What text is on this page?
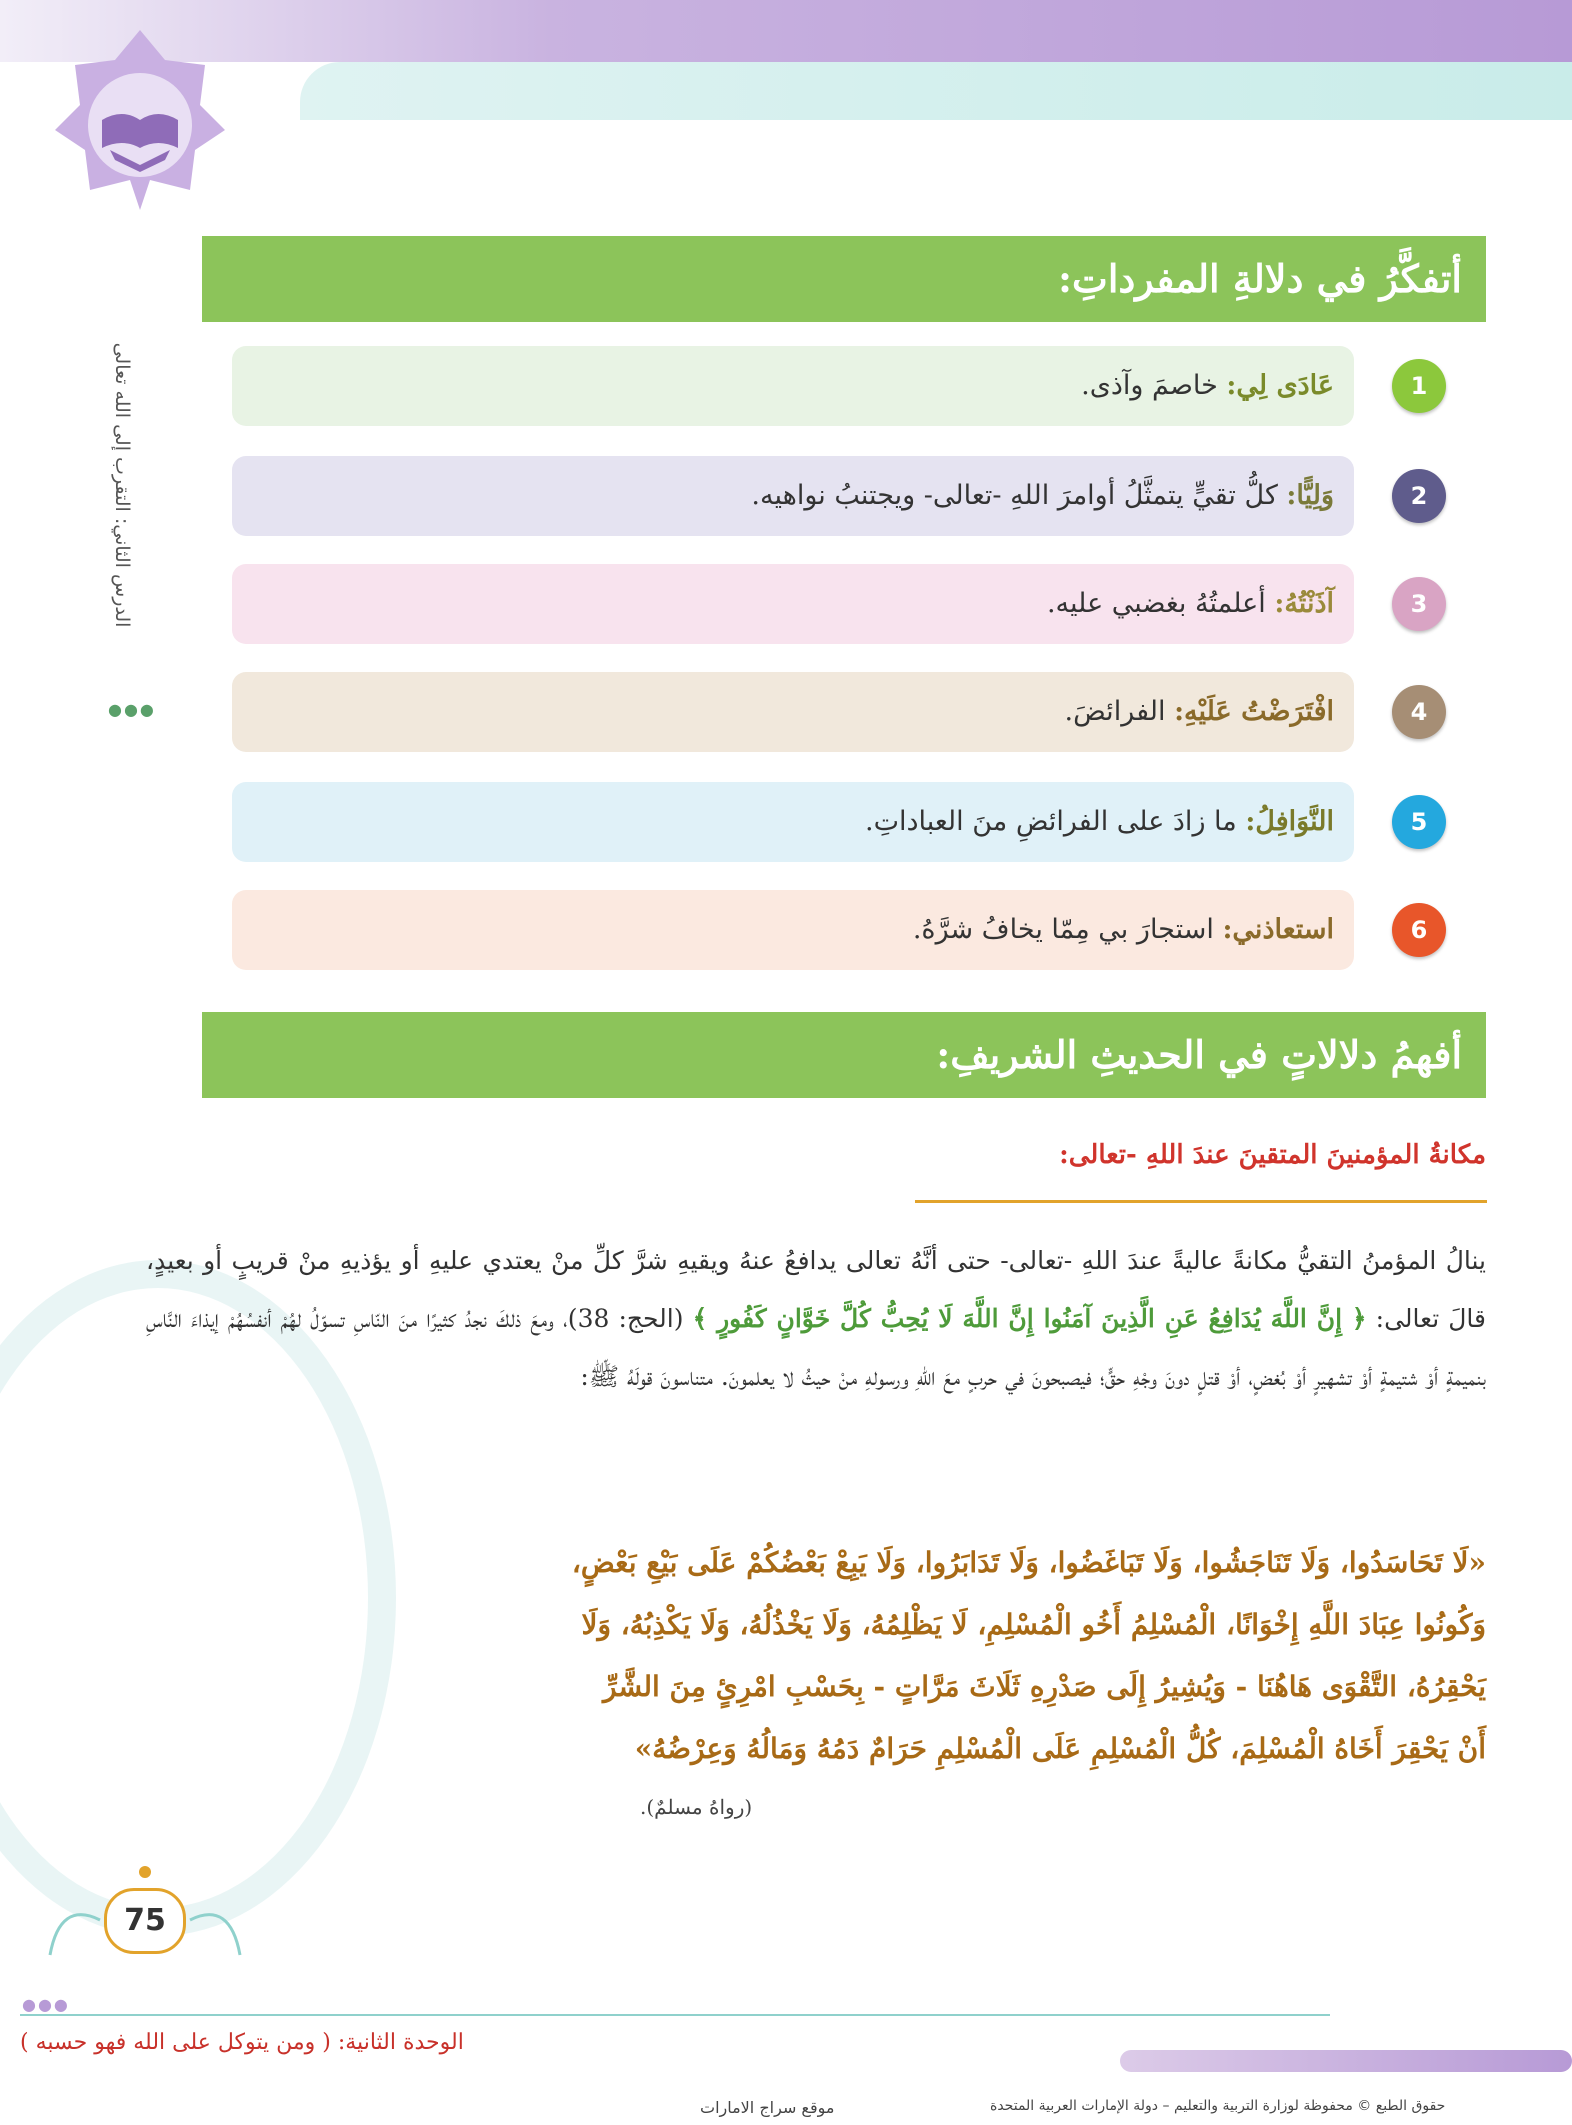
الدرس الثاني: التقرب إلى الله تعالى
●●●
أتفكَّرُ في دلالةِ المفرداتِ:
عَادَى لِي: خاصمَ وآذى.	1
وَلِيًّا: كلُّ تقيٍّ يتمثَّلُ أوامرَ اللهِ -تعالى- ويجتنبُ نواهيه.	2
آذَنْتُهُ: أعلمتُهُ بغضبي عليه.	3
افْتَرَضْتُ عَلَيْهِ: الفرائضَ.	4
النَّوَافِلُ: ما زادَ على الفرائضِ منَ العباداتِ.	5
استعاذني: استجارَ بي مِمّا يخافُ شرَّهُ.	6
أفهمُ دلالاتٍ في الحديثِ الشريفِ:
مكانةُ المؤمنينَ المتقينَ عندَ اللهِ -تعالى:
ينالُ المؤمنُ التقيُّ مكانةً عاليةً عندَ اللهِ -تعالى- حتى أنَّهُ تعالى يدافعُ عنهُ ويقيهِ شرَّ كلِّ منْ يعتدي عليهِ أو يؤذيهِ منْ قريبٍ أو بعيدٍ، قالَ تعالى: ﴿ إِنَّ اللَّهَ يُدَافِعُ عَنِ الَّذِينَ آمَنُوا إِنَّ اللَّهَ لَا يُحِبُّ كُلَّ خَوَّانٍ كَفُورٍ ﴾ (الحج: 38)، ومعَ ذلكَ نجدُ كثيرًا منَ النّاسِ تسوّلُ لهُمْ أنفسُهُمْ إيذاءَ النَّاسِ بنميمةٍ أوْ شتيمةٍ أوْ تشهيرٍ أوْ بُغضٍ، أوْ قتلٍ دونَ وجْهِ حقٍّ؛ فيصبحونَ في حربٍ معَ اللهِ ورسولهِ منْ حيثُ لا يعلمونَ. متناسونَ قولَهُ ﷺ:
«لَا تَحَاسَدُوا، وَلَا تَنَاجَشُوا، وَلَا تَبَاغَضُوا، وَلَا تَدَابَرُوا، وَلَا يَبِعْ بَعْضُكُمْ عَلَى بَيْعِ بَعْضٍ،
وَكُونُوا عِبَادَ اللَّهِ إِخْوَانًا، الْمُسْلِمُ أَخُو الْمُسْلِمِ، لَا يَظْلِمُهُ، وَلَا يَخْذُلُهُ، وَلَا يَكْذِبُهُ، وَلَا
يَحْقِرُهُ، التَّقْوَى هَاهُنَا - وَيُشِيرُ إِلَى صَدْرِهِ ثَلَاثَ مَرَّاتٍ - بِحَسْبِ امْرِئٍ مِنَ الشَّرِّ
أَنْ يَحْقِرَ أَخَاهُ الْمُسْلِمَ، كُلُّ الْمُسْلِمِ عَلَى الْمُسْلِمِ حَرَامٌ دَمُهُ وَمَالُهُ وَعِرْضُهُ»
(رواهُ مسلمٌ).
75
●●●
الوحدة الثانية: ( ومن يتوكل على الله فهو حسبه )
حقوق الطبع © محفوظة لوزارة التربية والتعليم – دولة الإمارات العربية المتحدة
موقع سراج الامارات
